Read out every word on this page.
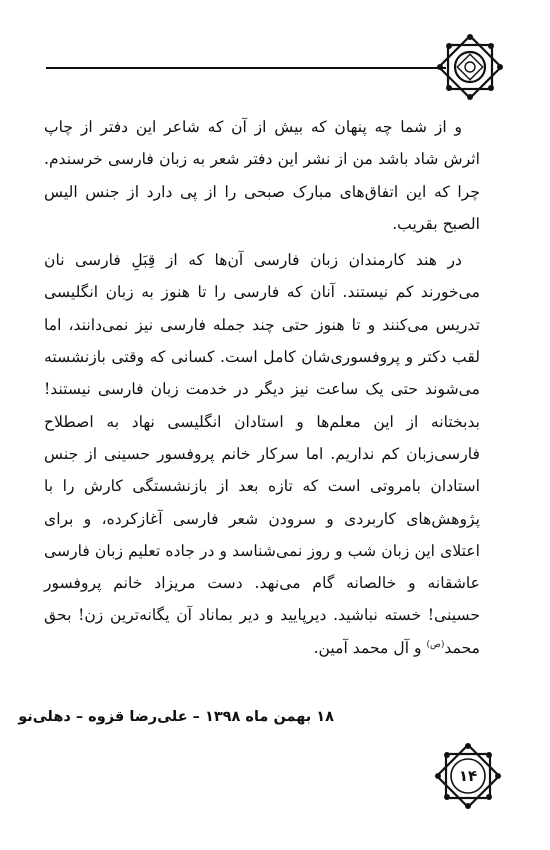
۱۴

و از شما چه پنهان که بیش از آن که شاعر این دفتر از چاپ اثرش شاد باشد من از نشر این دفتر شعر به زبان فارسی خرسندم. چرا که این اتفاق‌های مبارک صبحی را از پی دارد از جنس الیس الصبح بقریب.

در هند کارمندان زبان فارسی آن‌ها که از قِبَلِ فارسی نان می‌خورند کم نیستند. آنان که فارسی را تا هنوز به زبان انگلیسی تدریس می‌کنند و تا هنوز حتی چند جمله فارسی نیز نمی‌دانند، اما لقب دکتر و پروفسوری‌شان کامل است. کسانی که وقتی بازنشسته می‌شوند حتی یک ساعت نیز دیگر در خدمت زبان فارسی نیستند! بدبختانه از این معلم‌ها و استادان انگلیسی نهاد به اصطلاح فارسی‌زبان کم نداریم. اما سرکار خانم پروفسور حسینی از جنس استادان بامروتی است که تازه بعد از بازنشستگی کارش را با پژوهش‌های کاربردی و سرودن شعر فارسی آغازکرده، و برای اعتلای این زبان شب و روز نمی‌شناسد و در جاده تعلیم زبان فارسی عاشقانه و خالصانه گام می‌نهد. دست مریزاد خانم پروفسور حسینی! خسته نباشید. دیرپایید و دیر بماناد آن یگانه‌ترین زن! بحق محمد$^{(ص)}$ و آل محمد آمین.

۱۸ بهمن ماه ۱۳۹۸ – علی‌رضا قزوه – دهلی‌نو
